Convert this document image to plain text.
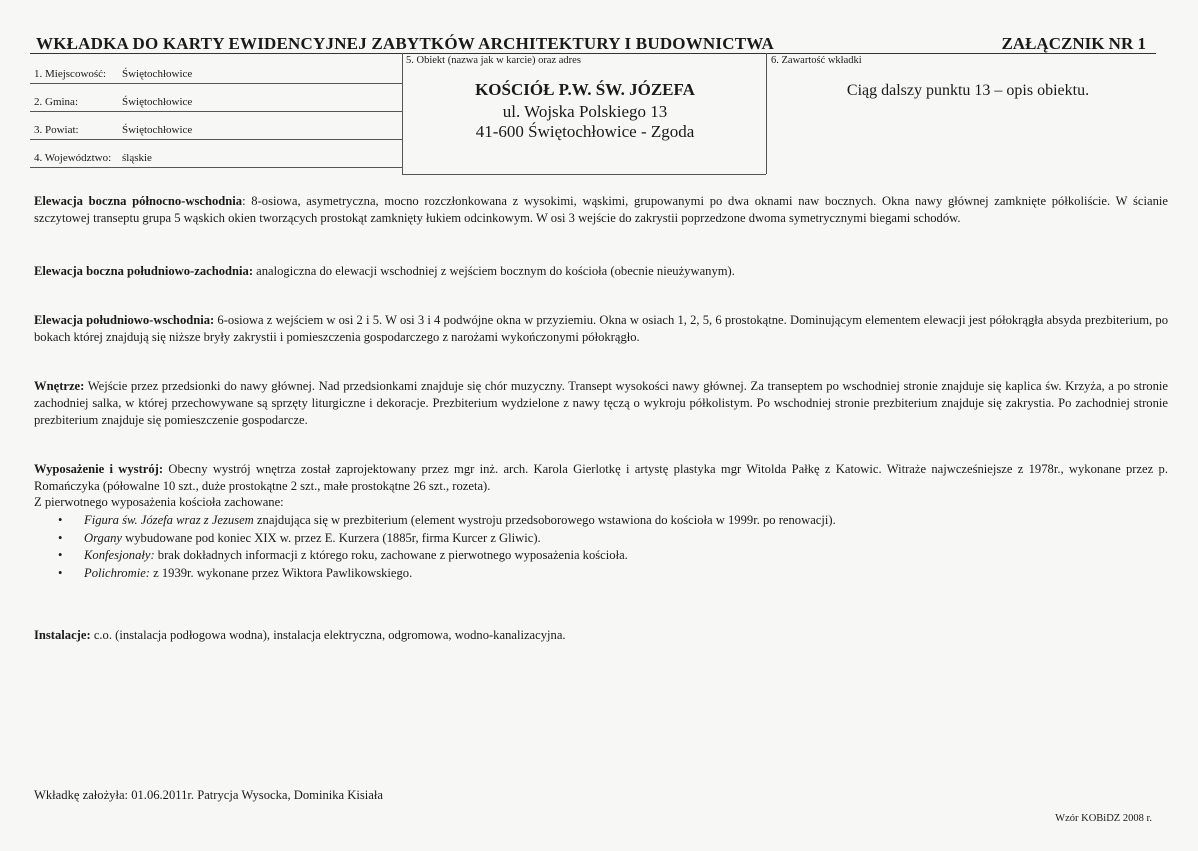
WKŁADKA DO KARTY EWIDENCYJNEJ ZABYTKÓW ARCHITEKTURY I BUDOWNICTWA	ZAŁĄCZNIK NR 1
1. Miejscowość: Świętochłowice
2. Gmina:	Świętochłowice
3. Powiat:	Świętochłowice
4. Województwo: śląskie
5. Obiekt (nazwa jak w karcie) oraz adres
KOŚCIÓŁ P.W. ŚW. JÓZEFA
ul. Wojska Polskiego 13
41-600 Świętochłowice - Zgoda
6. Zawartość wkładki
Ciąg dalszy punktu 13 – opis obiektu.
Elewacja boczna północno-wschodnia: 8-osiowa, asymetryczna, mocno rozczłonkowana z wysokimi, wąskimi, grupowanymi po dwa oknami naw bocznych. Okna nawy głównej zamknięte półkoliście. W ścianie szczytowej transeptu grupa 5 wąskich okien tworzących prostokąt zamknięty łukiem odcinkowym. W osi 3 wejście do zakrystii poprzedzone dwoma symetrycznymi biegami schodów.
Elewacja boczna południowo-zachodnia: analogiczna do elewacji wschodniej z wejściem bocznym do kościoła (obecnie nieużywanym).
Elewacja południowo-wschodnia: 6-osiowa z wejściem w osi 2 i 5. W osi 3 i 4 podwójne okna w przyziemiu. Okna w osiach 1, 2, 5, 6 prostokątne. Dominującym elementem elewacji jest półokrągła absyda prezbiterium, po bokach której znajdują się niższe bryły zakrystii i pomieszczenia gospodarczego z narożami wykończonymi półokrągło.
Wnętrze: Wejście przez przedsionki do nawy głównej. Nad przedsionkami znajduje się chór muzyczny. Transept wysokości nawy głównej. Za transeptem po wschodniej stronie znajduje się kaplica św. Krzyża, a po stronie zachodniej salka, w której przechowywane są sprzęty liturgiczne i dekoracje. Prezbiterium wydzielone z nawy tęczą o wykroju półkolistym. Po wschodniej stronie prezbiterium znajduje się zakrystia. Po zachodniej stronie prezbiterium znajduje się pomieszczenie gospodarcze.
Wyposażenie i wystrój: Obecny wystrój wnętrza został zaprojektowany przez mgr inż. arch. Karola Gierlotkę i artystę plastyka mgr Witolda Pałkę z Katowic. Witraże najwcześniejsze z 1978r., wykonane przez p. Romańczyka (półowalne 10 szt., duże prostokątne 2 szt., małe prostokątne 26 szt., rozeta).
Z pierwotnego wyposażenia kościoła zachowane:
• Figura św. Józefa wraz z Jezusem znajdująca się w prezbiterium (element wystroju przedsoborowego wstawiona do kościoła w 1999r. po renowacji).
• Organy wybudowane pod koniec XIX w. przez E. Kurzera (1885r, firma Kurcer z Gliwic).
• Konfesjonały: brak dokładnych informacji z którego roku, zachowane z pierwotnego wyposażenia kościoła.
• Polichromie: z 1939r. wykonane przez Wiktora Pawlikowskiego.
Instalacje: c.o. (instalacja podłogowa wodna), instalacja elektryczna, odgromowa, wodno-kanalizacyjna.
Wkładkę założyła: 01.06.2011r. Patrycja Wysocka, Dominika Kisiała
Wzór KOBiDZ 2008 r.
